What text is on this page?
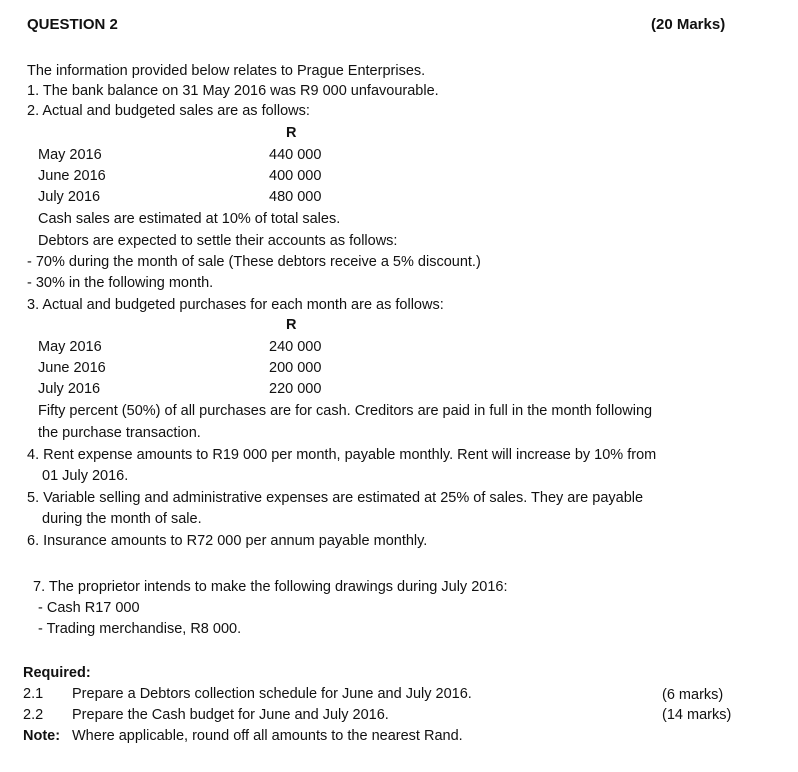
QUESTION 2	(20 Marks)
The information provided below relates to Prague Enterprises.
1. The bank balance on 31 May 2016 was R9 000 unfavourable.
2. Actual and budgeted sales are as follows:
R
May 2016	440 000
June 2016	400 000
July 2016	480 000
Cash sales are estimated at 10% of total sales.
Debtors are expected to settle their accounts as follows:
- 70% during the month of sale (These debtors receive a 5% discount.)
- 30% in the following month.
3. Actual and budgeted purchases for each month are as follows:
R
May 2016	240 000
June 2016	200 000
July 2016	220 000
Fifty percent (50%) of all purchases are for cash. Creditors are paid in full in the month following
the purchase transaction.
4. Rent expense amounts to R19 000 per month, payable monthly. Rent will increase by 10% from
01 July 2016.
5. Variable selling and administrative expenses are estimated at 25% of sales. They are payable
during the month of sale.
6. Insurance amounts to R72 000 per annum payable monthly.
7. The proprietor intends to make the following drawings during July 2016:
- Cash R17 000
- Trading merchandise, R8 000.
Required:
2.1 Prepare a Debtors collection schedule for June and July 2016.	(6 marks)
2.2 Prepare the Cash budget for June and July 2016.	(14 marks)
Note: Where applicable, round off all amounts to the nearest Rand.
